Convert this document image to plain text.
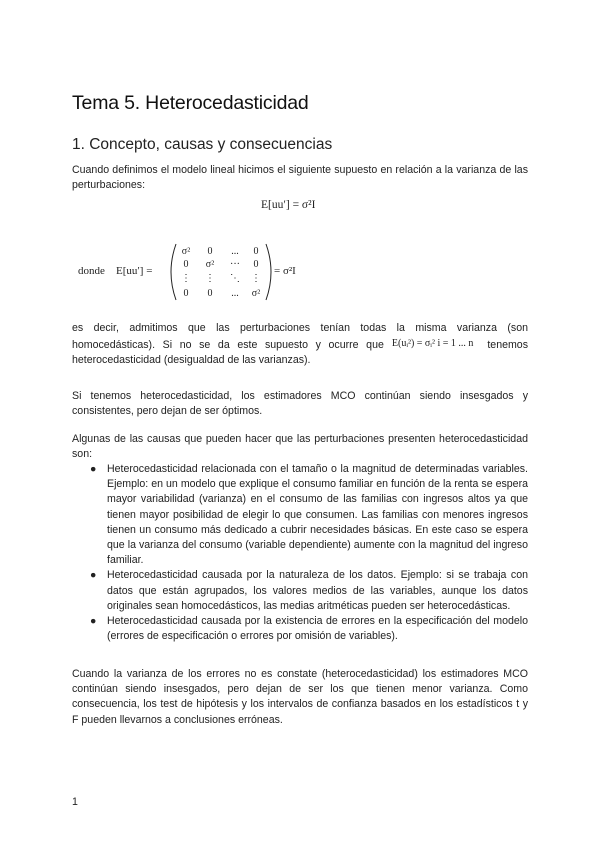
Tema 5. Heterocedasticidad
1. Concepto, causas y consecuencias

Cuando definimos el modelo lineal hicimos el siguiente supuesto en relación a la varianza de las perturbaciones:

E[uu′] = σ²I
donde E[uu′] =
σ² 0 ... 0
0 σ² ··· 0
⋮ ⋮ ⋱ ⋮
0 0 ... σ²
= σ²I

es decir, admitimos que las perturbaciones tenían todas la misma varianza (son homocedásticas). Si no se da este supuesto y ocurre que E(uᵢ²) = σᵢ² i = 1 ... n tenemos heterocedasticidad (desigualdad de las varianzas).

Si tenemos heterocedasticidad, los estimadores MCO continúan siendo insesgados y consistentes, pero dejan de ser óptimos.

Algunas de las causas que pueden hacer que las perturbaciones presenten heterocedasticidad son:

● Heterocedasticidad relacionada con el tamaño o la magnitud de determinadas variables. Ejemplo: en un modelo que explique el consumo familiar en función de la renta se espera mayor variabilidad (varianza) en el consumo de las familias con ingresos altos ya que tienen mayor posibilidad de elegir lo que consumen. Las familias con menores ingresos tienen un consumo más dedicado a cubrir necesidades básicas. En este caso se espera que la varianza del consumo (variable dependiente) aumente con la magnitud del ingreso familiar.
● Heterocedasticidad causada por la naturaleza de los datos. Ejemplo: si se trabaja con datos que están agrupados, los valores medios de las variables, aunque los datos originales sean homocedásticos, las medias aritméticas pueden ser heterocedásticas.
● Heterocedasticidad causada por la existencia de errores en la especificación del modelo (errores de especificación o errores por omisión de variables).

Cuando la varianza de los errores no es constate (heterocedasticidad) los estimadores MCO continúan siendo insesgados, pero dejan de ser los que tienen menor varianza. Como consecuencia, los test de hipótesis y los intervalos de confianza basados en los estadísticos t y F pueden llevarnos a conclusiones erróneas.

1
